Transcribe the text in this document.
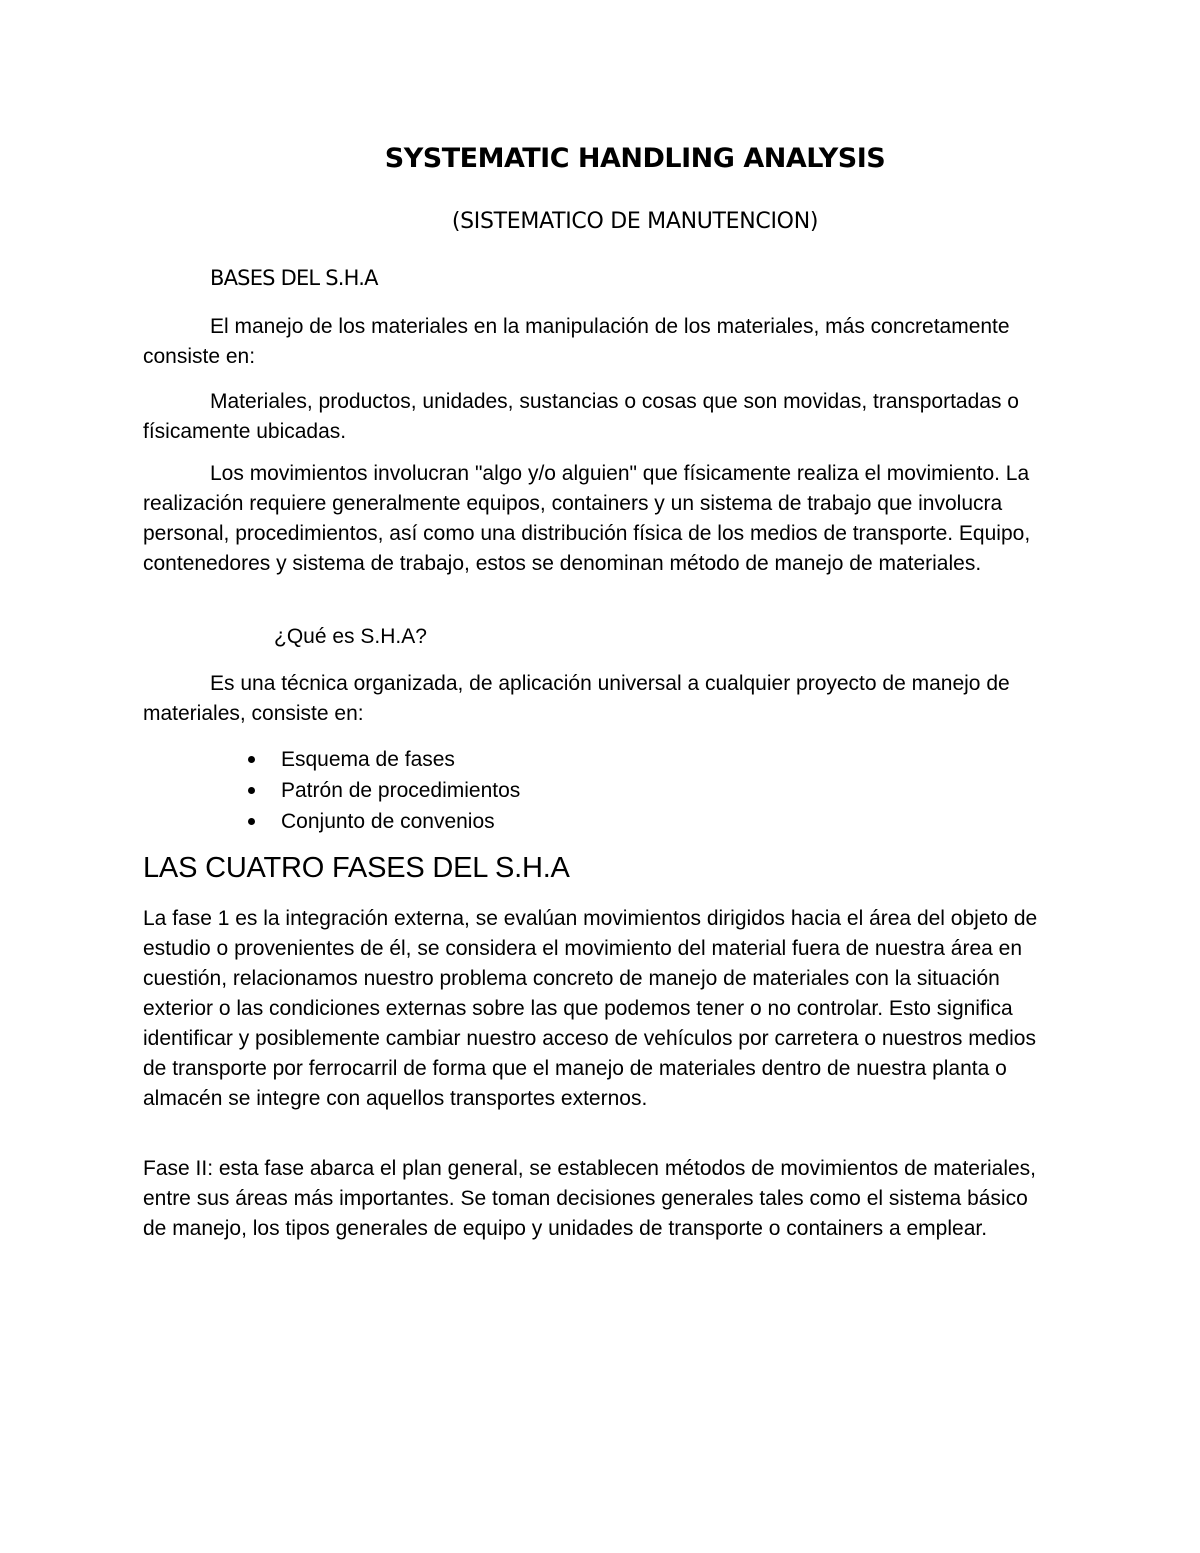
SYSTEMATIC HANDLING ANALYSIS

(SISTEMATICO DE MANUTENCION)

BASES DEL S.H.A

El manejo de los materiales en la manipulación de los materiales, más concretamente consiste en:

Materiales, productos, unidades, sustancias o cosas que son movidas, transportadas o físicamente ubicadas.

Los movimientos involucran "algo y/o alguien" que físicamente realiza el movimiento. La realización requiere generalmente equipos, containers y un sistema de trabajo que involucra personal, procedimientos, así como una distribución física de los medios de transporte. Equipo, contenedores y sistema de trabajo, estos se denominan método de manejo de materiales.

¿Qué es S.H.A?

Es una técnica organizada, de aplicación universal a cualquier proyecto de manejo de materiales, consiste en:

Esquema de fases
Patrón de procedimientos
Conjunto de convenios
LAS CUATRO FASES DEL S.H.A

La fase 1 es la integración externa, se evalúan movimientos dirigidos hacia el área del objeto de estudio o provenientes de él, se considera el movimiento del material fuera de nuestra área en cuestión, relacionamos nuestro problema concreto de manejo de materiales con la situación exterior o las condiciones externas sobre las que podemos tener o no controlar. Esto significa identificar y posiblemente cambiar nuestro acceso de vehículos por carretera o nuestros medios de transporte por ferrocarril de forma que el manejo de materiales dentro de nuestra planta o almacén se integre con aquellos transportes externos.

Fase II: esta fase abarca el plan general, se establecen métodos de movimientos de materiales, entre sus áreas más importantes. Se toman decisiones generales tales como el sistema básico de manejo, los tipos generales de equipo y unidades de transporte o containers a emplear.
